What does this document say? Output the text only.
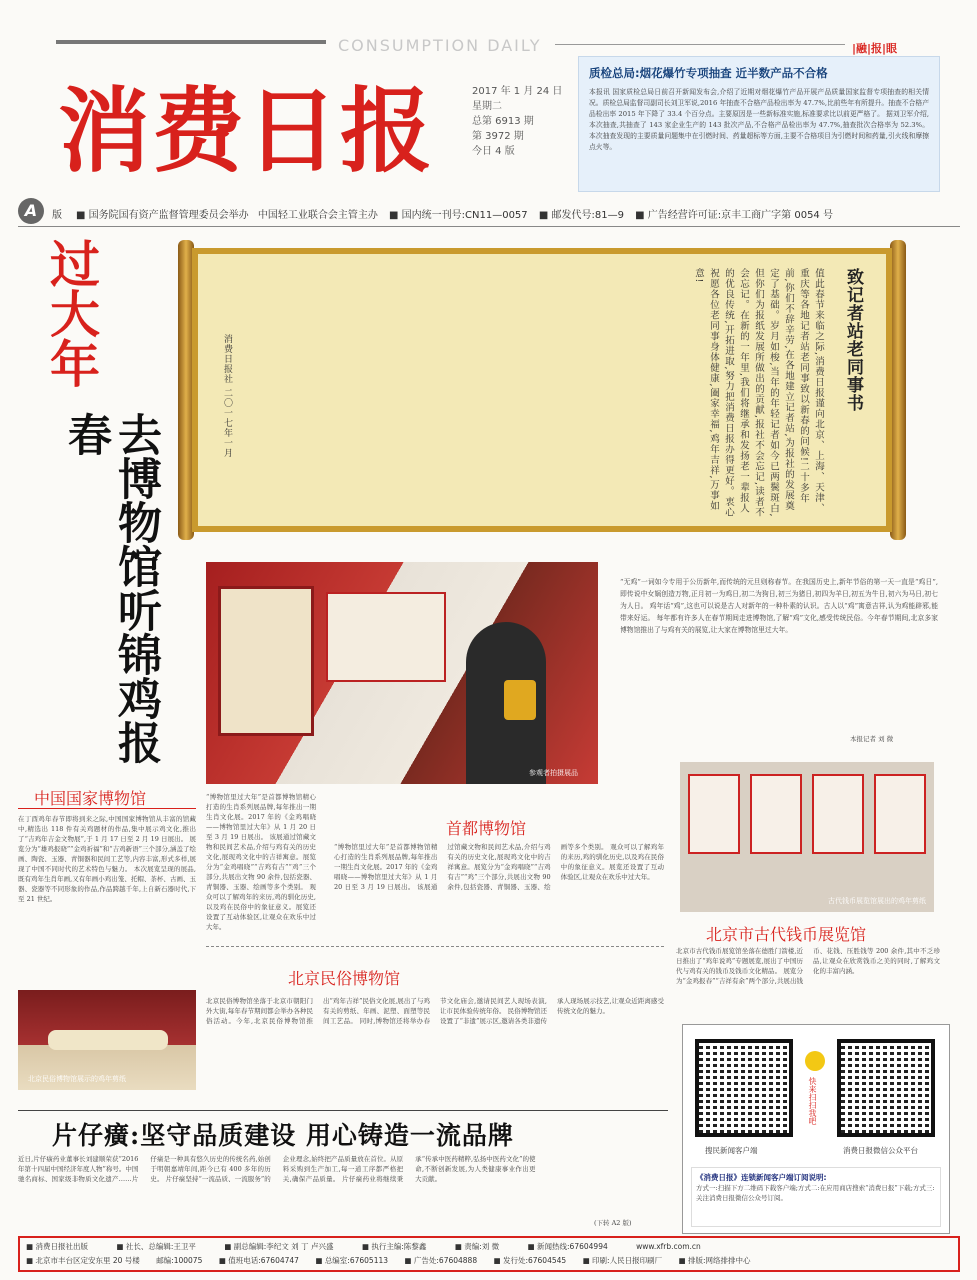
CONSUMPTION DAILY	|融|报|眼
消费日报	2017 年 1 月 24 日
星期二
总第 6913 期
第 3972 期
今日 4 版
质检总局:烟花爆竹专项抽查 近半数产品不合格
本报讯 国家质检总局日前召开新闻发布会,介绍了近期对烟花爆竹产品开展产品质量国家监督专项抽查的相关情况。质检总局监督司副司长刘卫军说,2016 年抽查不合格产品检出率为 47.7%,比前些年有所提升。抽查不合格产品检出率 2015 年下降了 33.4 个百分点。主要原因是一些新标准实施,标准要求比以前更严格了。 据刘卫军介绍,本次抽查,共抽查了 143 家企业生产的 143 批次产品,不合格产品检出率为 47.7%,抽查批次合格率为 52.3%。本次抽查发现的主要质量问题集中在引燃时间、药量超标等方面,主要不合格项目为引燃时间和药量,引火线和摩擦点火等。
A	版 ■ 国务院国有资产监督管理委员会举办 中国轻工业联合会主管主办 ■ 国内统一刊号:CN11—0057 ■ 邮发代号:81—9 ■ 广告经营许可证:京丰工商广字第 0054 号
过大年
去博物馆听锦鸡报春
致记者站老同事书
值此春节来临之际,消费日报谨向北京、上海、天津、重庆等各地记者站老同事致以新春的问候!二十多年前,你们不辞辛劳,在各地建立记者站,为报社的发展奠定了基础。岁月如梭,当年的年轻记者如今已两鬓斑白,但你们为报纸发展所做出的贡献,报社不会忘记,读者不会忘记。在新的一年里,我们将继承和发扬老一辈报人的优良传统,开拓进取,努力把消费日报办得更好。衷心祝愿各位老同事身体健康,阖家幸福,鸡年吉祥,万事如意!
消费日报社 二〇一七年一月
参观者拍摄展品
“无鸡”一词如今专用于公历新年,而传统的元旦则称春节。在我国历史上,新年节俗的第一天一直是“鸡日”,即传说中女娲创造万物,正月初一为鸡日,初二为狗日,初三为猪日,初四为羊日,初五为牛日,初六为马日,初七为人日。 鸡年话“鸡”,这也可以说是古人对新年的一种朴素的认识。古人以“鸡”寓意吉祥,认为鸡能辟邪,能带来好运。 每年都有许多人在春节期间走进博物馆,了解“鸡”文化,感受传统民俗。今年春节期间,北京多家博物馆推出了与鸡有关的展览,让大家在博物馆里过大年。
本报记者 刘 微
古代钱币展览馆展出的鸡年剪纸
中国国家博物馆
在丁酉鸡年春节即将到来之际,中国国家博物馆从丰富的馆藏中,精选出 118 件有关鸡题材的作品,集中展示鸡文化,推出了“吉鸡年吉金文物展”,于 1 月 17 日至 2 月 19 日展出。 展览分为“雄鸡报晓”“金鸡祈福”和“吉鸡新语”三个部分,涵盖了绘画、陶瓷、玉器、青铜器和民间工艺等,内容丰富,形式多样,展现了中国不同时代的艺术特色与魅力。 本次展览呈现的展品,既有鸡年生肖年画,又有年画小鸡出笼、托帽、茶杯、古画、玉器、瓷器等不同形象的作品,作品跨越千年,上自新石器时代,下至 21 世纪。
“博物馆里过大年”是首都博物馆精心打造的生肖系列展品牌,每年推出一期生肖文化展。2017 年的《金鸡唱晓——博物馆里过大年》从 1 月 20 日至 3 月 19 日展出。 该展通过馆藏文物和民间艺术品,介绍与鸡有关的历史文化,展现鸡文化中的吉祥寓意。展览分为“金鸡唱晓”“吉鸡有吉”“鸡”三个部分,共展出文物 90 余件,包括瓷器、青铜器、玉器、绘画等多个类别。 观众可以了解鸡年的来历,鸡的驯化历史,以及鸡在民俗中的象征意义。展览还设置了互动体验区,让观众在欢乐中过大年。
首都博物馆
“博物馆里过大年”是首都博物馆精心打造的生肖系列展品牌,每年推出一期生肖文化展。2017 年的《金鸡唱晓——博物馆里过大年》从 1 月 20 日至 3 月 19 日展出。 该展通过馆藏文物和民间艺术品,介绍与鸡有关的历史文化,展现鸡文化中的吉祥寓意。展览分为“金鸡唱晓”“吉鸡有吉”“鸡”三个部分,共展出文物 90 余件,包括瓷器、青铜器、玉器、绘画等多个类别。 观众可以了解鸡年的来历,鸡的驯化历史,以及鸡在民俗中的象征意义。展览还设置了互动体验区,让观众在欢乐中过大年。
北京民俗博物馆
北京民俗博物馆坐落于北京市朝阳门外大街,每年春节期间都会举办各种民俗活动。今年,北京民俗博物馆推出“鸡年吉祥”民俗文化展,展出了与鸡有关的剪纸、年画、泥塑、面塑等民间工艺品。 同时,博物馆还将举办春节文化庙会,邀请民间艺人现场表演,让市民体验传统年俗。 民俗博物馆还设置了“非遗”展示区,邀请各类非遗传承人现场展示技艺,让观众近距离感受传统文化的魅力。
北京民俗博物馆展示的鸡年剪纸
北京市古代钱币展览馆
北京市古代钱币展览馆坐落在德胜门箭楼,近日推出了“鸡年说鸡”专题展览,展出了中国历代与鸡有关的钱币及钱币文化精品。 展览分为“金鸡报春”“吉祥有余”两个部分,共展出钱币、花钱、压胜钱等 200 余件,其中不乏珍品,让观众在欣赏钱币之美的同时,了解鸡文化的丰富内涵。
片仔癀:坚守品质建设 用心铸造一流品牌
近日,片仔癀药业董事长刘建顺荣获“2016 年第十四届中国经济年度人物”称号。中国驰名商标、国家级非物质文化遗产……片仔癀是一种具有悠久历史的传统名药,始创于明朝嘉靖年间,距今已有 400 多年的历史。 片仔癀坚持“一流品质、一流服务”的企业理念,始终把产品质量放在首位。从原料采购到生产加工,每一道工序都严格把关,确保产品质量。 片仔癀药业将继续秉承“传承中医药精粹,弘扬中医药文化”的使命,不断创新发展,为人类健康事业作出更大贡献。
(下转 A2 版)
快来扫扫我吧
搜民新闻客户端	消费日报微信公众平台
《消费日报》连锁新闻客户端订阅说明:
方式一:扫描下方二维码下载客户端;方式二:在应用商店搜索“消费日报”下载;方式三:关注消费日报微信公众号订阅。
■ 消费日报社出版	■ 社长、总编辑:王卫平	■ 副总编辑:李纪文 刘 丁 卢兴盛	■ 执行主编:陈黎鑫	■ 责编:刘 微	■ 新闻热线:67604994	www.xfrb.com.cn
■ 北京市丰台区定安东里 20 号楼 邮编:100075 ■ 值班电话:67604747 ■ 总编室:67605113 ■ 广告处:67604888 ■ 发行处:67604545 ■ 印刷:人民日报印刷厂 ■ 排版:网络排排中心
